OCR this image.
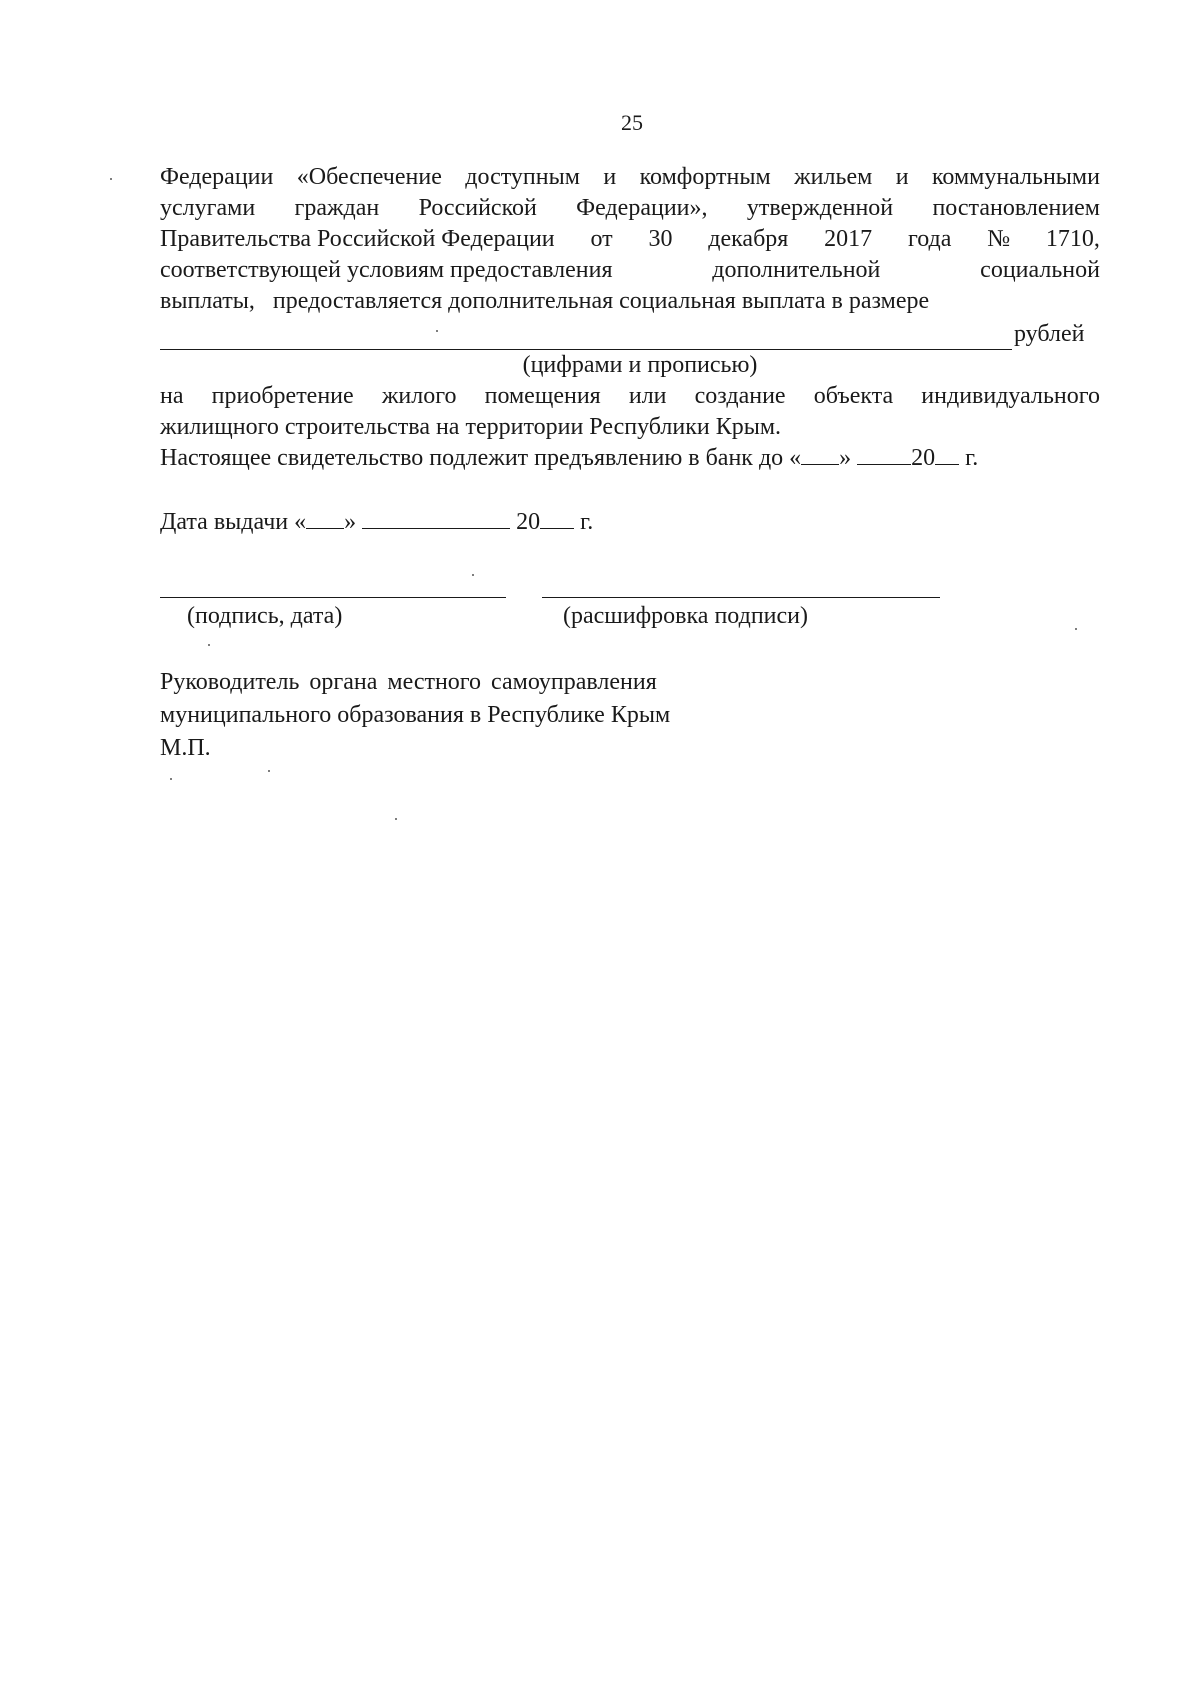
25
Федерации «Обеспечение доступным и комфортным жильем и коммунальными
услугами граждан Российской Федерации», утвержденной постановлением
Правительства Российской Федерации от 30 декабря 2017 года № 1710,
соответствующей условиям предоставления	дополнительной	социальной
выплаты,   предоставляется дополнительная социальная выплата в размере
рублей
(цифрами и прописью)
на приобретение жилого помещения или создание объекта индивидуального
жилищного строительства на территории Республики Крым.
Настоящее свидетельство подлежит предъявлению в банк до « »	20 г.
Дата выдачи « »	20 г.
(подпись, дата)	(расшифровка подписи)
Руководитель органа местного самоуправления
муниципального образования в Республике Крым
М.П.
